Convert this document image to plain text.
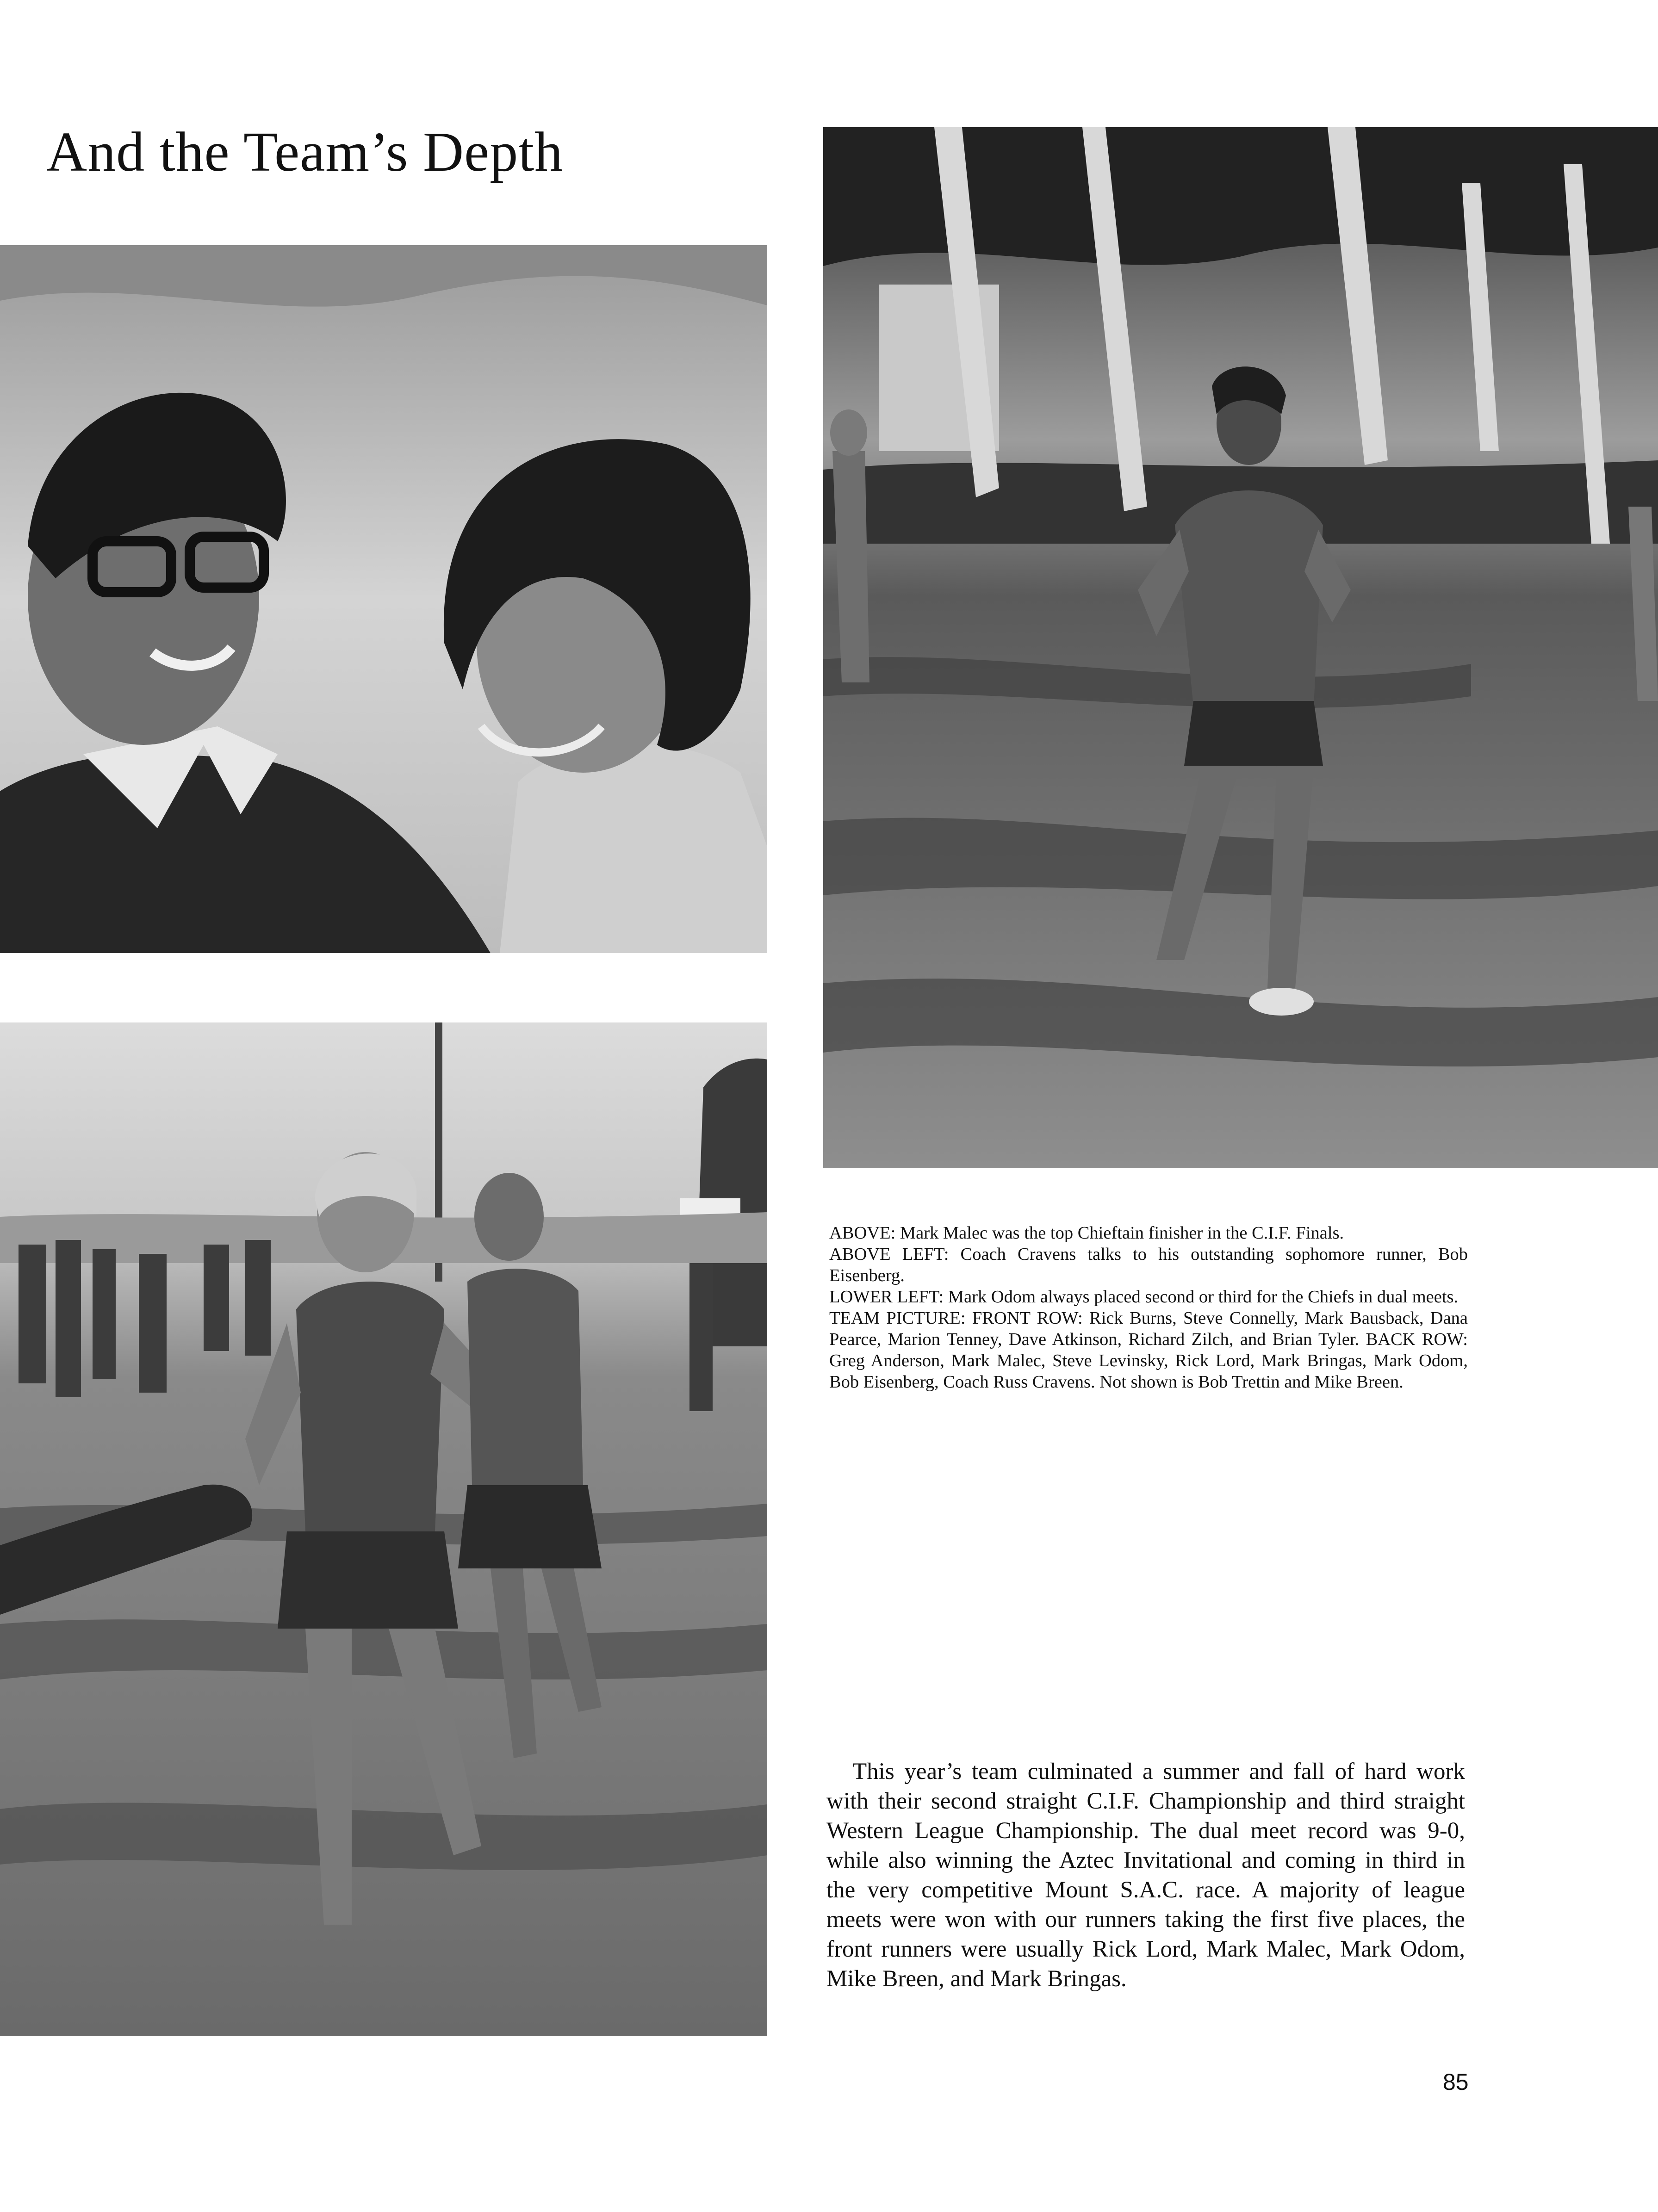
And the Team’s Depth

ABOVE: Mark Malec was the top Chieftain finisher in the C.I.F. Finals.

ABOVE LEFT: Coach Cravens talks to his outstanding sophomore runner, Bob Eisenberg.

LOWER LEFT: Mark Odom always placed second or third for the Chiefs in dual meets.

TEAM PICTURE: FRONT ROW: Rick Burns, Steve Connelly, Mark Bausback, Dana Pearce, Marion Tenney, Dave Atkinson, Richard Zilch, and Brian Tyler. BACK ROW: Greg Anderson, Mark Malec, Steve Levinsky, Rick Lord, Mark Bringas, Mark Odom, Bob Eisenberg, Coach Russ Cravens. Not shown is Bob Trettin and Mike Breen.

This year’s team culminated a summer and fall of hard work with their second straight C.I.F. Championship and third straight Western League Championship. The dual meet record was 9-0, while also winning the Aztec Invitational and coming in third in the very competitive Mount S.A.C. race. A majority of league meets were won with our runners taking the first five places, the front runners were usually Rick Lord, Mark Malec, Mark Odom, Mike Breen, and Mark Bringas.

85
